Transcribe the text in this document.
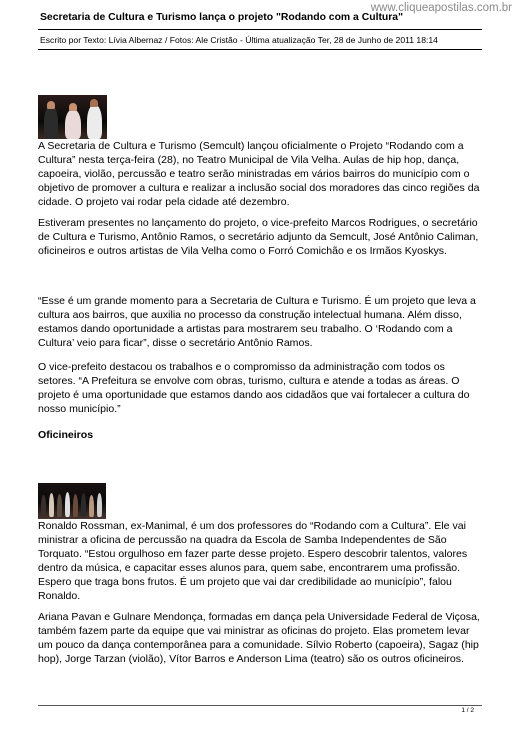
www.cliqueapostilas.com.br
Secretaria de Cultura e Turismo lança o projeto "Rodando com a Cultura"
Escrito por Texto: Lívia Albernaz / Fotos: Ale Cristão - Última atualização Ter, 28 de Junho de 2011 18:14

A Secretaria de Cultura e Turismo (Semcult) lançou oficialmente o Projeto “Rodando com a Cultura” nesta terça-feira (28), no Teatro Municipal de Vila Velha. Aulas de hip hop, dança, capoeira, violão, percussão e teatro serão ministradas em vários bairros do município com o objetivo de promover a cultura e realizar a inclusão social dos moradores das cinco regiões da cidade. O projeto vai rodar pela cidade até dezembro.

Estiveram presentes no lançamento do projeto, o vice-prefeito Marcos Rodrigues, o secretário de Cultura e Turismo, Antônio Ramos, o secretário adjunto da Semcult, José Antônio Caliman, oficineiros e outros artistas de Vila Velha como o Forró Comichão e os Irmãos Kyoskys.

“Esse é um grande momento para a Secretaria de Cultura e Turismo. É um projeto que leva a cultura aos bairros, que auxilia no processo da construção intelectual humana. Além disso, estamos dando oportunidade a artistas para mostrarem seu trabalho. O ‘Rodando com a Cultura’ veio para ficar”, disse o secretário Antônio Ramos.

O vice-prefeito destacou os trabalhos e o compromisso da administração com todos os setores. “A Prefeitura se envolve com obras, turismo, cultura e atende a todas as áreas. O projeto é uma oportunidade que estamos dando aos cidadãos que vai fortalecer a cultura do nosso município.”

Oficineiros

Ronaldo Rossman, ex-Manimal, é um dos professores do “Rodando com a Cultura”. Ele vai ministrar a oficina de percussão na quadra da Escola de Samba Independentes de São Torquato. “Estou orgulhoso em fazer parte desse projeto. Espero descobrir talentos, valores dentro da música, e capacitar esses alunos para, quem sabe, encontrarem uma profissão. Espero que traga bons frutos. É um projeto que vai dar credibilidade ao município”, falou Ronaldo.

Ariana Pavan e Gulnare Mendonça, formadas em dança pela Universidade Federal de Viçosa, também fazem parte da equipe que vai ministrar as oficinas do projeto. Elas prometem levar um pouco da dança contemporânea para a comunidade. Sílvio Roberto (capoeira), Sagaz (hip hop), Jorge Tarzan (violão), Vítor Barros e Anderson Lima (teatro) são os outros oficineiros.

1 / 2
